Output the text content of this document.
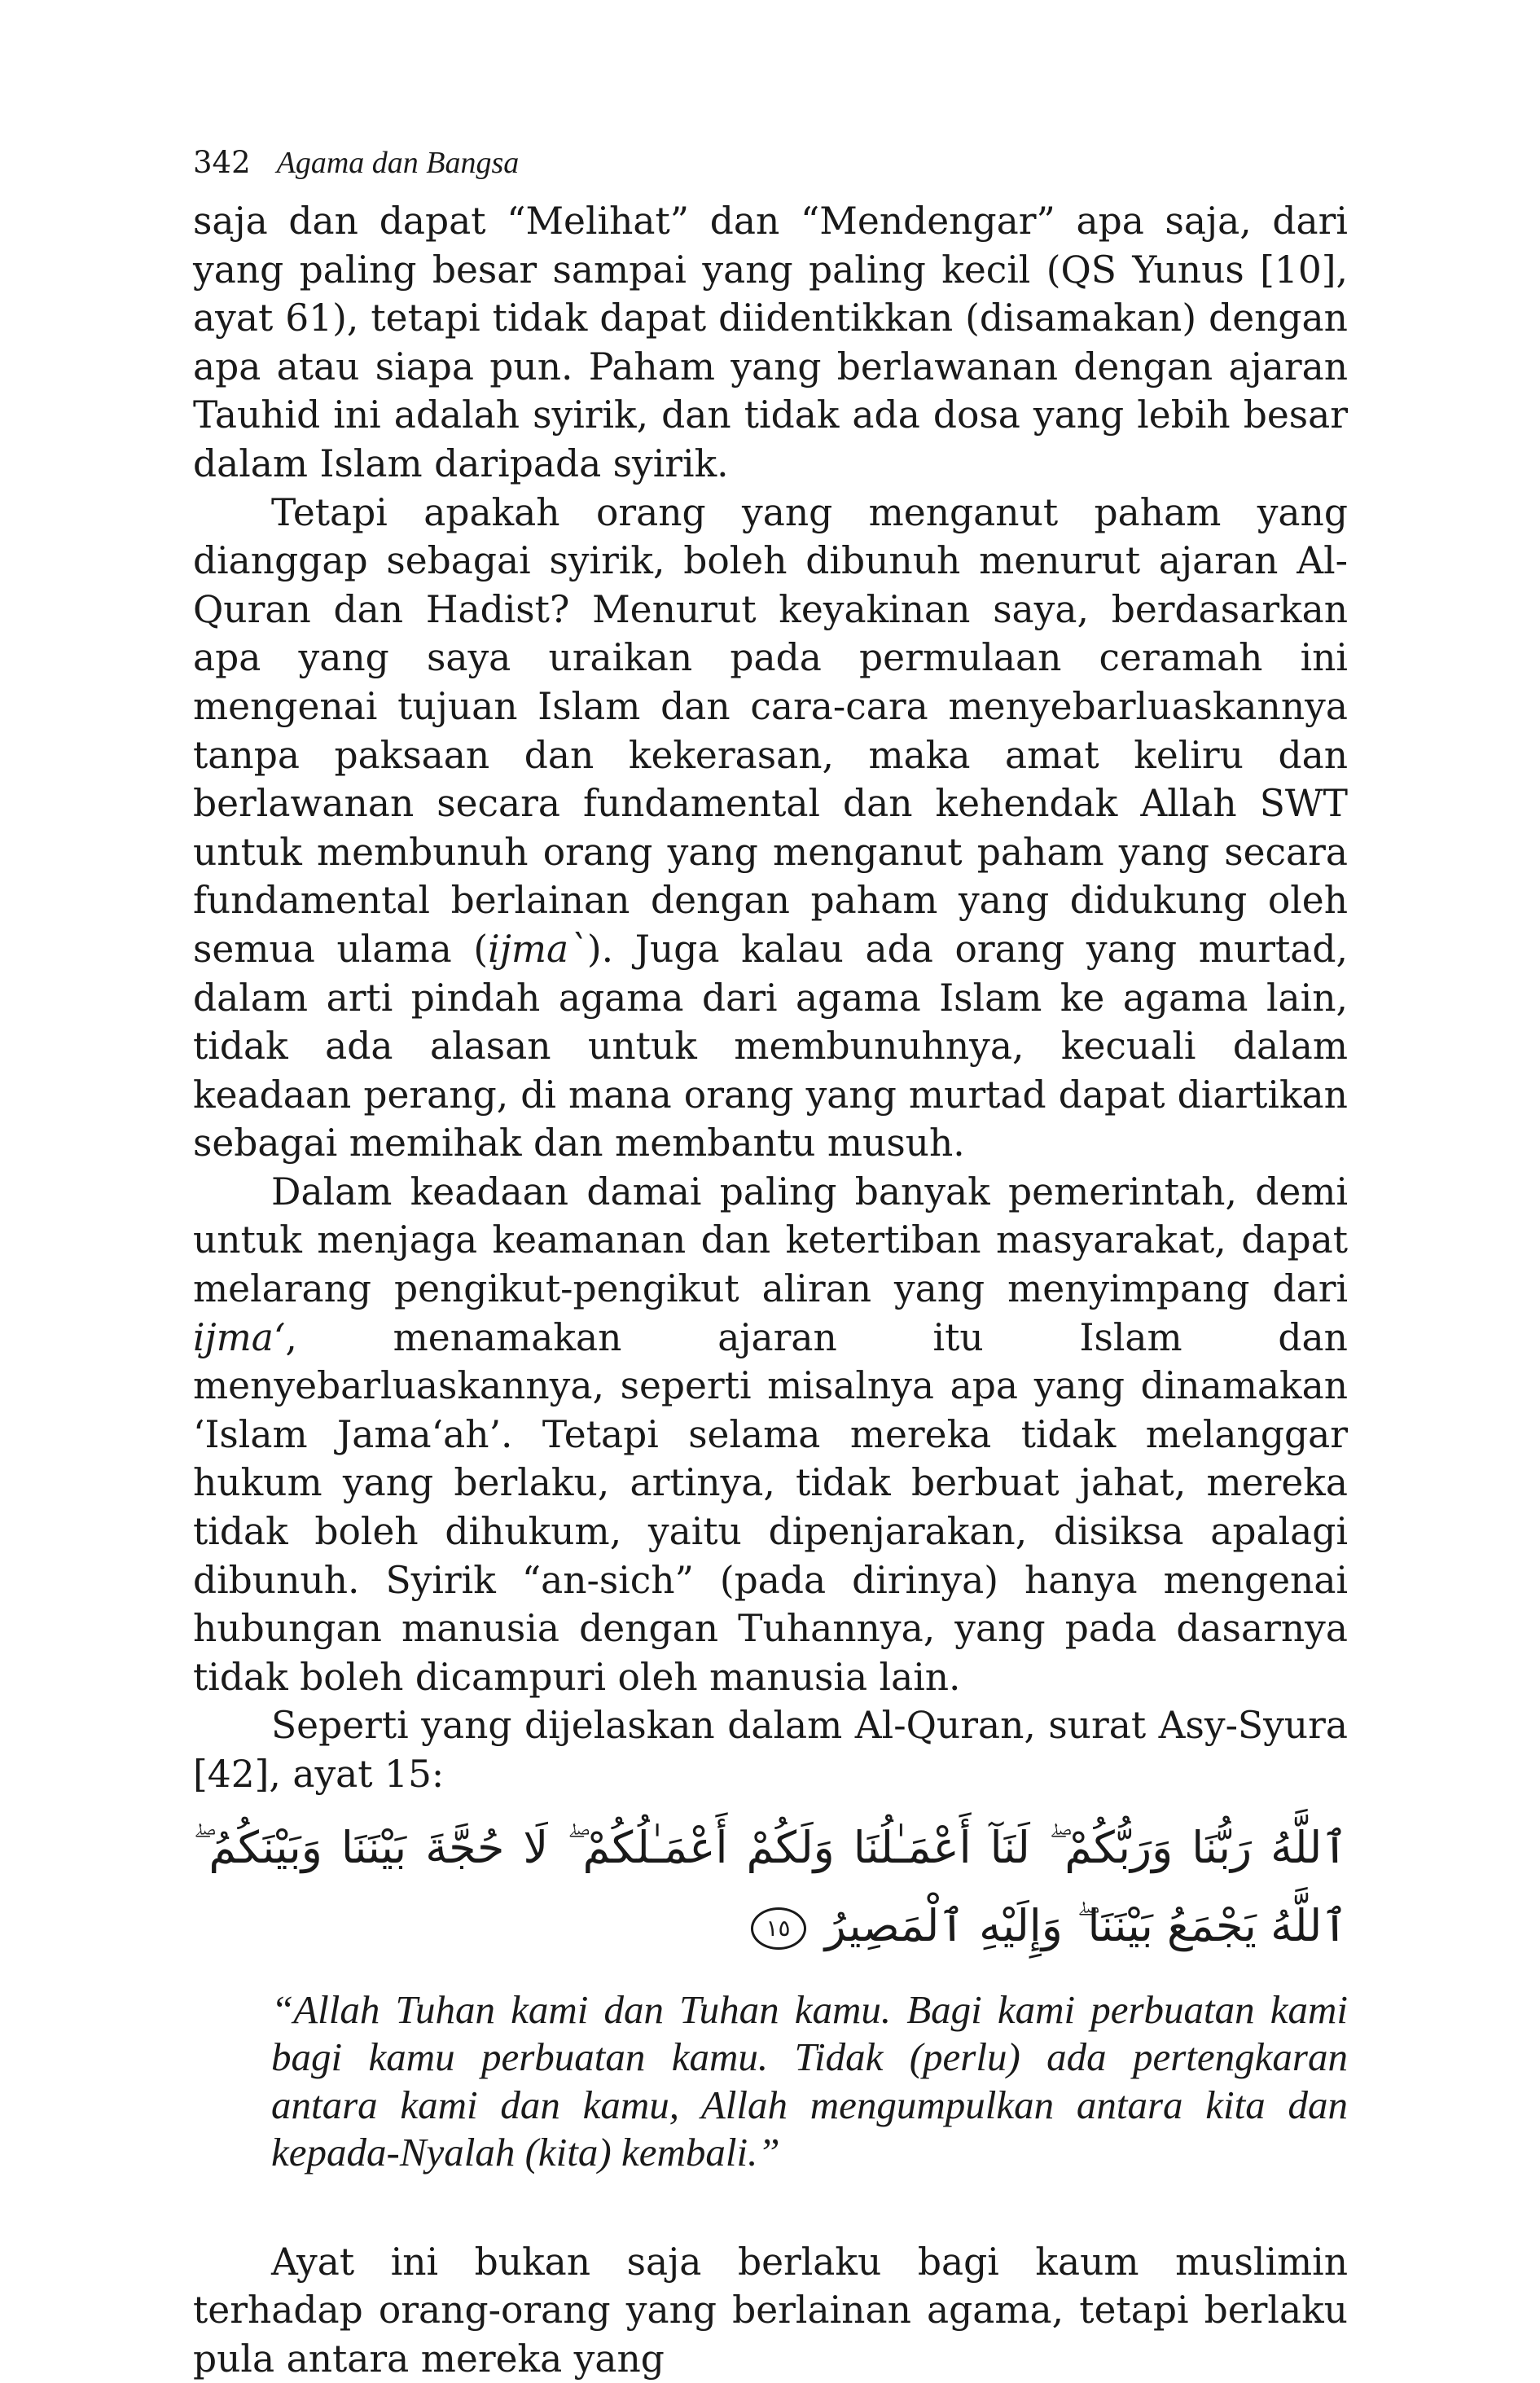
342 Agama dan Bangsa

saja dan dapat “Melihat” dan “Mendengar” apa saja, dari yang paling besar sampai yang paling kecil (QS Yunus [10], ayat 61), tetapi tidak dapat diidentikkan (disamakan) dengan apa atau siapa pun. Paham yang berlawanan dengan ajaran Tauhid ini adalah syirik, dan tidak ada dosa yang lebih besar dalam Islam daripada syirik.

Tetapi apakah orang yang menganut paham yang dianggap sebagai syirik, boleh dibunuh menurut ajaran Al-Quran dan Hadist? Menurut keyakinan saya, berdasarkan apa yang saya uraikan pada permulaan ceramah ini mengenai tujuan Islam dan cara-cara menyebarluaskannya tanpa paksaan dan kekerasan, maka amat keliru dan berlawanan secara fundamental dan kehendak Allah SWT untuk membunuh orang yang menganut paham yang secara fundamental berlainan dengan paham yang didukung oleh semua ulama (ijma`). Juga kalau ada orang yang murtad, dalam arti pindah agama dari agama Islam ke agama lain, tidak ada alasan untuk membunuhnya, kecuali dalam keadaan perang, di mana orang yang murtad dapat diartikan sebagai memihak dan membantu musuh.

Dalam keadaan damai paling banyak pemerintah, demi untuk menjaga keamanan dan ketertiban masyarakat, dapat melarang pengikut-pengikut aliran yang menyimpang dari ijma‘, menamakan ajaran itu Islam dan menyebarluaskannya, seperti misalnya apa yang dinamakan ‘Islam Jama‘ah’. Tetapi selama mereka tidak melanggar hukum yang berlaku, artinya, tidak berbuat jahat, mereka tidak boleh dihukum, yaitu dipenjarakan, disiksa apalagi dibunuh. Syirik “an-sich” (pada dirinya) hanya mengenai hubungan manusia dengan Tuhannya, yang pada dasarnya tidak boleh dicampuri oleh manusia lain.

Seperti yang dijelaskan dalam Al-Quran, surat Asy-Syura [42], ayat 15:

ٱللَّهُ رَبُّنَا وَرَبُّكُمْ ۖ لَنَآ أَعْمَـٰلُنَا وَلَكُمْ أَعْمَـٰلُكُمْ ۖ لَا حُجَّةَ بَيْنَنَا وَبَيْنَكُمُ ۖ ٱللَّهُ يَجْمَعُ بَيْنَنَا ۖ وَإِلَيْهِ ٱلْمَصِيرُ ١٥

“Allah Tuhan kami dan Tuhan kamu. Bagi kami perbuatan kami bagi kamu perbuatan kamu. Tidak (perlu) ada pertengkaran antara kami dan kamu, Allah mengumpulkan antara kita dan kepada-Nyalah (kita) kembali.”

Ayat ini bukan saja berlaku bagi kaum muslimin terhadap orang-orang yang berlainan agama, tetapi berlaku pula antara mereka yang
